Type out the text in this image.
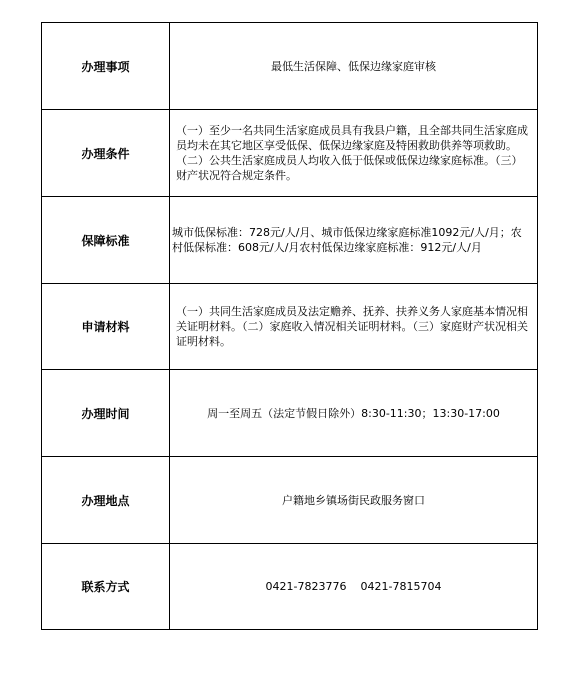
办理事项	最低生活保障、低保边缘家庭审核
办理条件	（一）至少一名共同生活家庭成员具有我县户籍，且全部共同生活家庭成员均未在其它地区享受低保、低保边缘家庭及特困救助供养等项救助。（二）公共生活家庭成员人均收入低于低保或低保边缘家庭标准。（三）财产状况符合规定条件。
保障标准	城市低保标准：728元/人/月、城市低保边缘家庭标准1092元/人/月；农村低保标准：608元/人/月农村低保边缘家庭标准：912元/人/月
申请材料	（一）共同生活家庭成员及法定赡养、抚养、扶养义务人家庭基本情况相关证明材料。（二）家庭收入情况相关证明材料。（三）家庭财产状况相关证明材料。
办理时间	周一至周五（法定节假日除外）8:30-11:30；13:30-17:00
办理地点	户籍地乡镇场街民政服务窗口
联系方式	0421-7823776    0421-7815704
